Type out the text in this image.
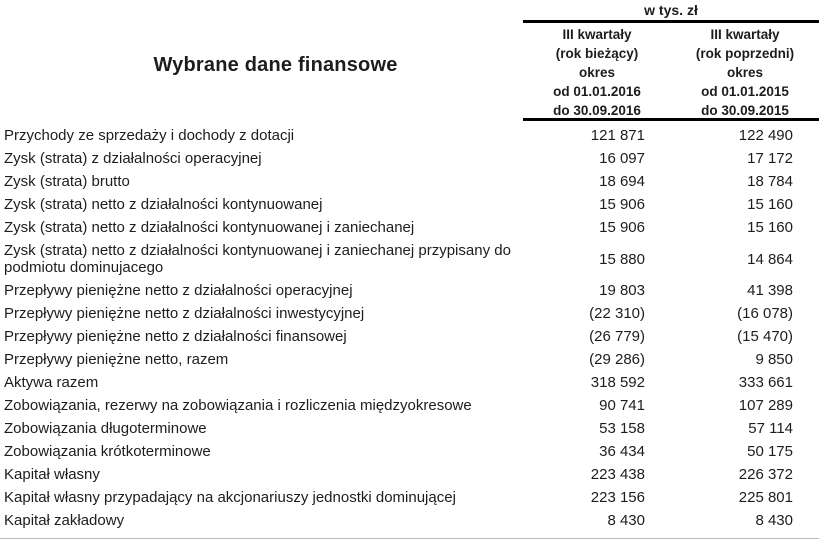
Wybrane dane finansowe
w tys. zł
III kwartały
(rok bieżący)
okres
od 01.01.2016
do 30.09.2016
III kwartały
(rok poprzedni)
okres
od 01.01.2015
do 30.09.2015
Przychody ze sprzedaży i dochody z dotacji	121 871	122 490
Zysk (strata) z działalności operacyjnej	16 097	17 172
Zysk (strata) brutto	18 694	18 784
Zysk (strata) netto z działalności kontynuowanej	15 906	15 160
Zysk (strata) netto z działalności kontynuowanej i zaniechanej	15 906	15 160
Zysk (strata) netto z działalności kontynuowanej i zaniechanej przypisany do podmiotu dominujacego	15 880	14 864
Przepływy pieniężne netto z działalności operacyjnej	19 803	41 398
Przepływy pieniężne netto z działalności inwestycyjnej	(22 310)	(16 078)
Przepływy pieniężne netto z działalności finansowej	(26 779)	(15 470)
Przepływy pieniężne netto, razem	(29 286)	9 850
Aktywa razem	318 592	333 661
Zobowiązania, rezerwy na zobowiązania i rozliczenia międzyokresowe	90 741	107 289
Zobowiązania długoterminowe	53 158	57 114
Zobowiązania krótkoterminowe	36 434	50 175
Kapitał własny	223 438	226 372
Kapitał własny przypadający na akcjonariuszy jednostki dominującej	223 156	225 801
Kapitał zakładowy	8 430	8 430
